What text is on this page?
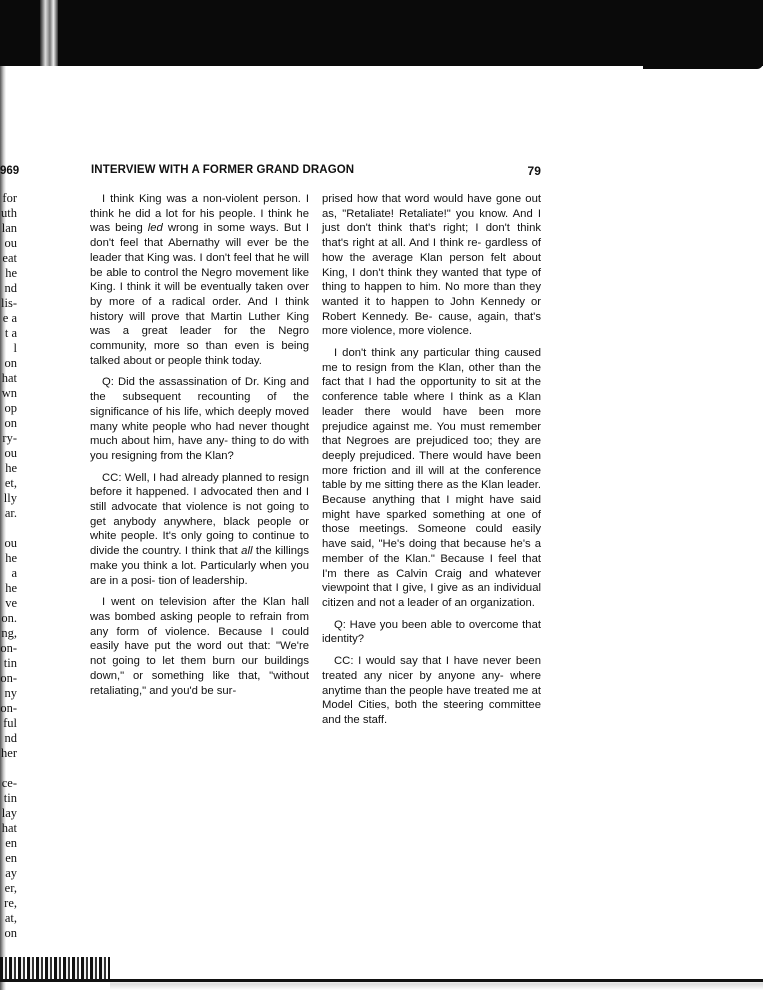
969
for
uth
lan
ou
eat
he
nd
lis-
e a
t a
l
on
hat
wn
op
on
ry-
ou
he
et,
lly
ar.
ou
he
a
he
ve
on.
ng,
on-
tin
on-
ny
on-
ful
nd
her
ce-
tin
lay
hat
en
en
ay
er,
re,
at,
on
INTERVIEW WITH A FORMER GRAND DRAGON	79

I think King was a non-violent person. I think he did a lot for his people. I think he was being led wrong in some ways. But I don't feel that Abernathy will ever be the leader that King was. I don't feel that he will be able to control the Negro movement like King. I think it will be eventually taken over by more of a radical order. And I think history will prove that Martin Luther King was a great leader for the Negro community, more so than even is being talked about or people think today.

Q: Did the assassination of Dr. King and the subsequent recounting of the significance of his life, which deeply moved many white people who had never thought much about him, have any- thing to do with you resigning from the Klan?

CC: Well, I had already planned to resign before it happened. I advocated then and I still advocate that violence is not going to get anybody anywhere, black people or white people. It's only going to continue to divide the country. I think that all the killings make you think a lot. Particularly when you are in a posi- tion of leadership.

I went on television after the Klan hall was bombed asking people to refrain from any form of violence. Because I could easily have put the word out that: "We're not going to let them burn our buildings down," or something like that, "without retaliating," and you'd be sur-

prised how that word would have gone out as, "Retaliate! Retaliate!" you know. And I just don't think that's right; I don't think that's right at all. And I think re- gardless of how the average Klan person felt about King, I don't think they wanted that type of thing to happen to him. No more than they wanted it to happen to John Kennedy or Robert Kennedy. Be- cause, again, that's more violence, more violence.

I don't think any particular thing caused me to resign from the Klan, other than the fact that I had the opportunity to sit at the conference table where I think as a Klan leader there would have been more prejudice against me. You must remember that Negroes are prejudiced too; they are deeply prejudiced. There would have been more friction and ill will at the conference table by me sitting there as the Klan leader. Because anything that I might have said might have sparked something at one of those meetings. Someone could easily have said, "He's doing that because he's a member of the Klan." Because I feel that I'm there as Calvin Craig and whatever viewpoint that I give, I give as an individual citizen and not a leader of an organization.

Q: Have you been able to overcome that identity?

CC: I would say that I have never been treated any nicer by anyone any- where anytime than the people have treated me at Model Cities, both the steering committee and the staff.
